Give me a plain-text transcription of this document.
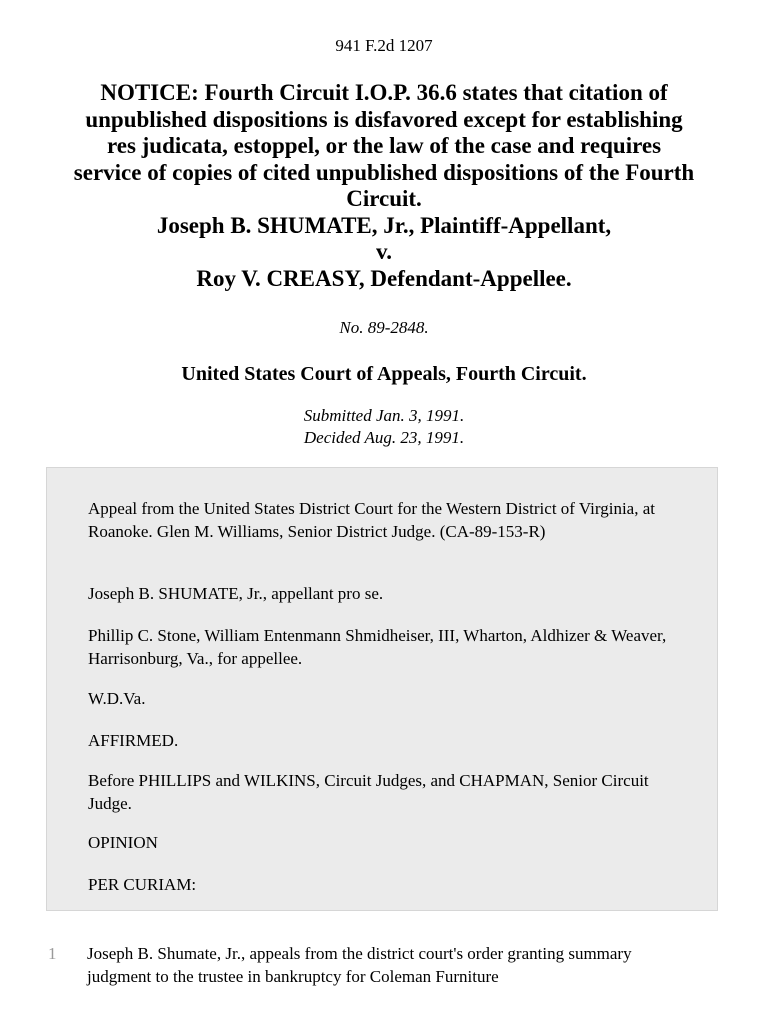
941 F.2d 1207
NOTICE: Fourth Circuit I.O.P. 36.6 states that citation of
unpublished dispositions is disfavored except for establishing
res judicata, estoppel, or the law of the case and requires
service of copies of cited unpublished dispositions of the Fourth
Circuit.
Joseph B. SHUMATE, Jr., Plaintiff-Appellant,
v.
Roy V. CREASY, Defendant-Appellee.
No. 89-2848.
United States Court of Appeals, Fourth Circuit.
Submitted Jan. 3, 1991.
Decided Aug. 23, 1991.
Appeal from the United States District Court for the Western District of Virginia, at Roanoke. Glen M. Williams, Senior District Judge. (CA-89-153-R)
Joseph B. SHUMATE, Jr., appellant pro se.
Phillip C. Stone, William Entenmann Shmidheiser, III, Wharton, Aldhizer & Weaver, Harrisonburg, Va., for appellee.
W.D.Va.
AFFIRMED.
Before PHILLIPS and WILKINS, Circuit Judges, and CHAPMAN, Senior Circuit Judge.
OPINION
PER CURIAM:
1 Joseph B. Shumate, Jr., appeals from the district court's order granting summary judgment to the trustee in bankruptcy for Coleman Furniture
